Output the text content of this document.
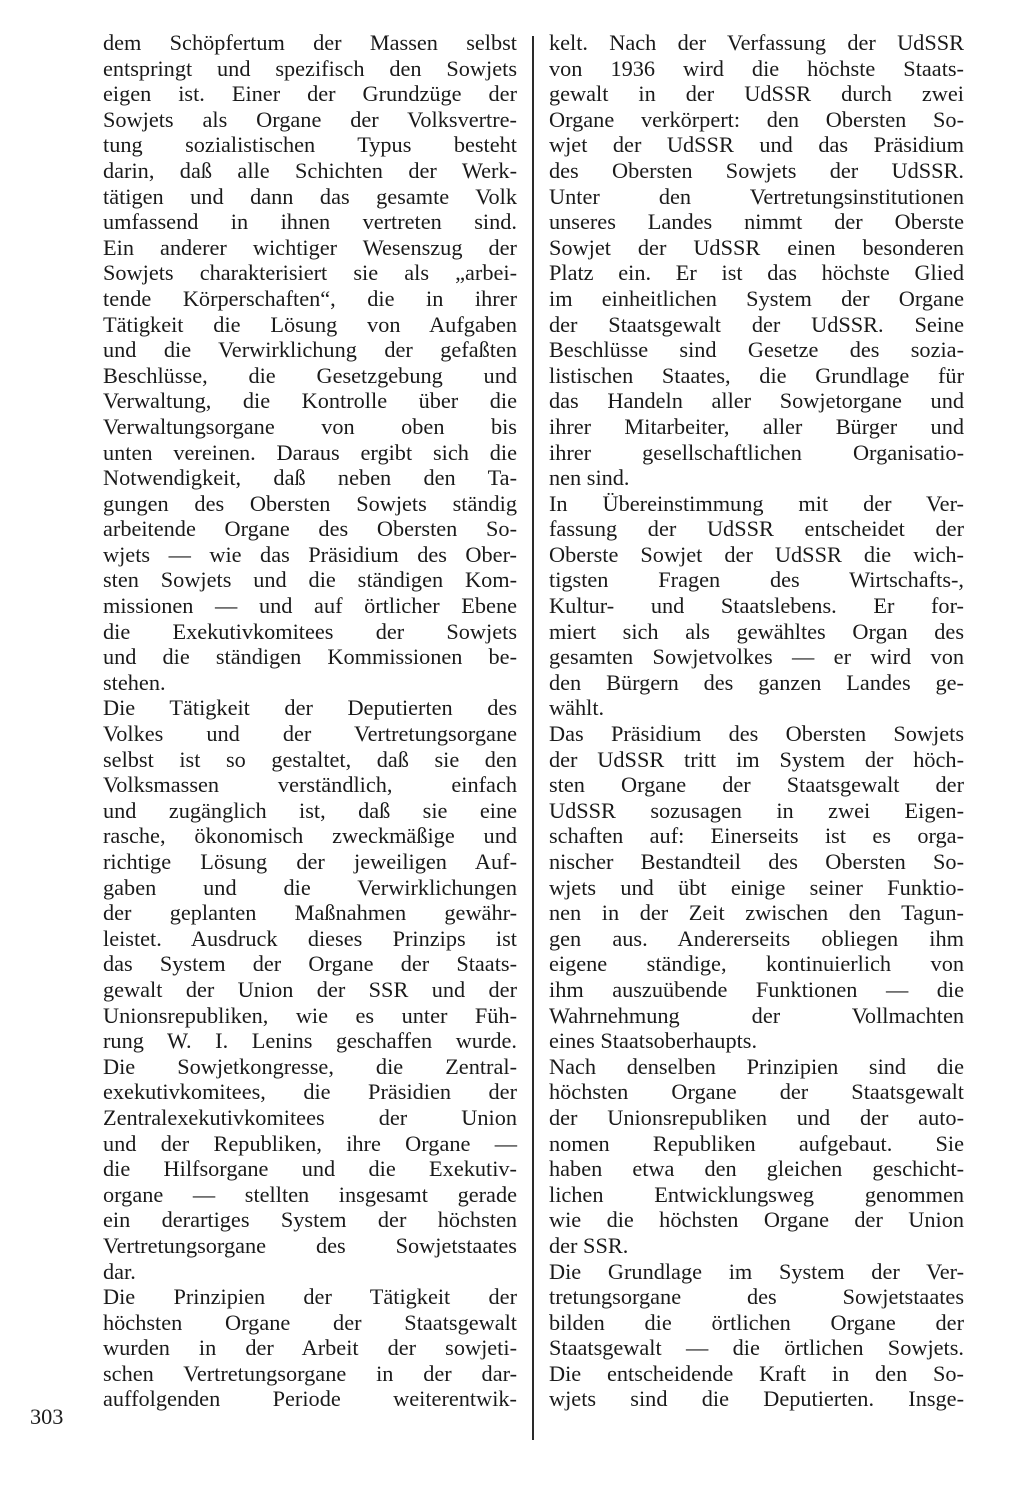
dem Schöpfertum der Massen selbst
entspringt und spezifisch den Sowjets
eigen ist. Einer der Grundzüge der
Sowjets als Organe der Volksvertre-
tung sozialistischen Typus besteht
darin, daß alle Schichten der Werk-
tätigen und dann das gesamte Volk
umfassend in ihnen vertreten sind.
Ein anderer wichtiger Wesenszug der
Sowjets charakterisiert sie als „arbei-
tende Körperschaften“, die in ihrer
Tätigkeit die Lösung von Aufgaben
und die Verwirklichung der gefaßten
Beschlüsse, die Gesetzgebung und
Verwaltung, die Kontrolle über die
Verwaltungsorgane von oben bis
unten vereinen. Daraus ergibt sich die
Notwendigkeit, daß neben den Ta-
gungen des Obersten Sowjets ständig
arbeitende Organe des Obersten So-
wjets — wie das Präsidium des Ober-
sten Sowjets und die ständigen Kom-
missionen — und auf örtlicher Ebene
die Exekutivkomitees der Sowjets
und die ständigen Kommissionen be-
stehen.
Die Tätigkeit der Deputierten des
Volkes und der Vertretungsorgane
selbst ist so gestaltet, daß sie den
Volksmassen verständlich, einfach
und zugänglich ist, daß sie eine
rasche, ökonomisch zweckmäßige und
richtige Lösung der jeweiligen Auf-
gaben und die Verwirklichungen
der geplanten Maßnahmen gewähr-
leistet. Ausdruck dieses Prinzips ist
das System der Organe der Staats-
gewalt der Union der SSR und der
Unionsrepubliken, wie es unter Füh-
rung W. I. Lenins geschaffen wurde.
Die Sowjetkongresse, die Zentral-
exekutivkomitees, die Präsidien der
Zentralexekutivkomitees der Union
und der Republiken, ihre Organe —
die Hilfsorgane und die Exekutiv-
organe — stellten insgesamt gerade
ein derartiges System der höchsten
Vertretungsorgane des Sowjetstaates
dar.
Die Prinzipien der Tätigkeit der
höchsten Organe der Staatsgewalt
wurden in der Arbeit der sowjeti-
schen Vertretungsorgane in der dar-
auffolgenden Periode weiterentwik-
kelt. Nach der Verfassung der UdSSR
von 1936 wird die höchste Staats-
gewalt in der UdSSR durch zwei
Organe verkörpert: den Obersten So-
wjet der UdSSR und das Präsidium
des Obersten Sowjets der UdSSR.
Unter den Vertretungsinstitutionen
unseres Landes nimmt der Oberste
Sowjet der UdSSR einen besonderen
Platz ein. Er ist das höchste Glied
im einheitlichen System der Organe
der Staatsgewalt der UdSSR. Seine
Beschlüsse sind Gesetze des sozia-
listischen Staates, die Grundlage für
das Handeln aller Sowjetorgane und
ihrer Mitarbeiter, aller Bürger und
ihrer gesellschaftlichen Organisatio-
nen sind.
In Übereinstimmung mit der Ver-
fassung der UdSSR entscheidet der
Oberste Sowjet der UdSSR die wich-
tigsten Fragen des Wirtschafts-,
Kultur- und Staatslebens. Er for-
miert sich als gewähltes Organ des
gesamten Sowjetvolkes — er wird von
den Bürgern des ganzen Landes ge-
wählt.
Das Präsidium des Obersten Sowjets
der UdSSR tritt im System der höch-
sten Organe der Staatsgewalt der
UdSSR sozusagen in zwei Eigen-
schaften auf: Einerseits ist es orga-
nischer Bestandteil des Obersten So-
wjets und übt einige seiner Funktio-
nen in der Zeit zwischen den Tagun-
gen aus. Andererseits obliegen ihm
eigene ständige, kontinuierlich von
ihm auszuübende Funktionen — die
Wahrnehmung der Vollmachten
eines Staatsoberhaupts.
Nach denselben Prinzipien sind die
höchsten Organe der Staatsgewalt
der Unionsrepubliken und der auto-
nomen Republiken aufgebaut. Sie
haben etwa den gleichen geschicht-
lichen Entwicklungsweg genommen
wie die höchsten Organe der Union
der SSR.
Die Grundlage im System der Ver-
tretungsorgane des Sowjetstaates
bilden die örtlichen Organe der
Staatsgewalt — die örtlichen Sowjets.
Die entscheidende Kraft in den So-
wjets sind die Deputierten. Insge-
303
